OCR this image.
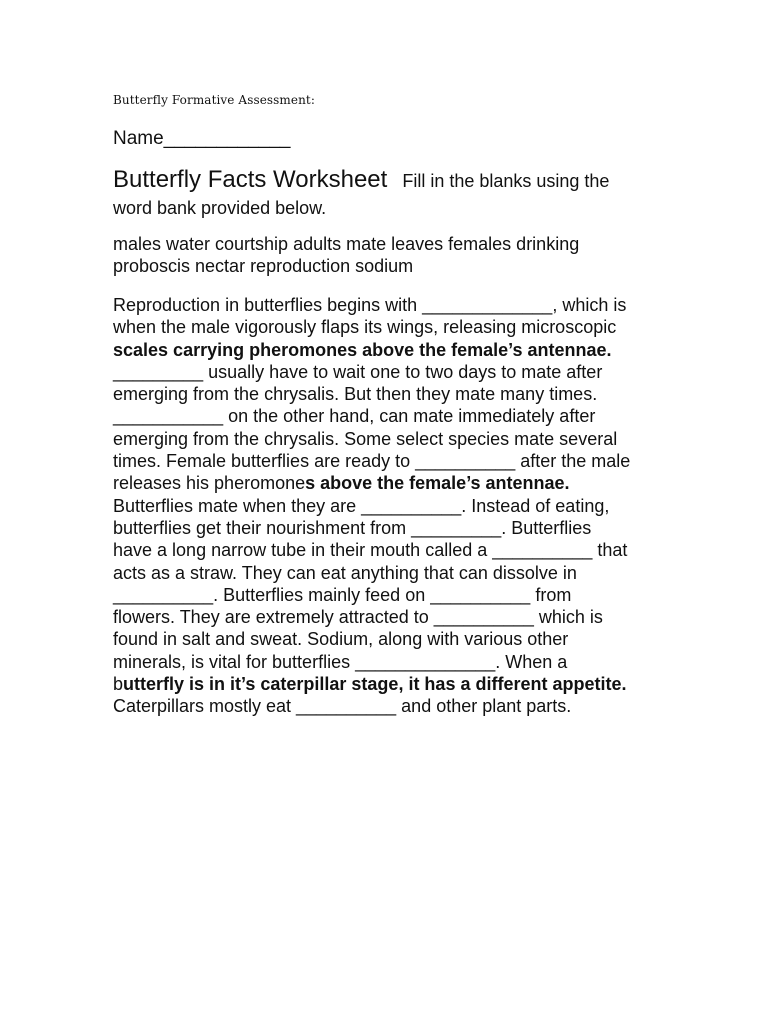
Butterfly Formative Assessment:
Name____________
Butterfly Facts Worksheet Fill in the blanks using the
word bank provided below.
males water courtship adults mate leaves females drinking
proboscis nectar reproduction sodium
Reproduction in butterflies begins with _____________, which is
when the male vigorously flaps its wings, releasing microscopic
scales carrying pheromones above the female’s antennae.
_________ usually have to wait one to two days to mate after
emerging from the chrysalis. But then they mate many times.
___________ on the other hand, can mate immediately after
emerging from the chrysalis. Some select species mate several
times. Female butterflies are ready to __________ after the male
releases his pheromones above the female’s antennae.
Butterflies mate when they are __________. Instead of eating,
butterflies get their nourishment from _________. Butterflies
have a long narrow tube in their mouth called a __________ that
acts as a straw. They can eat anything that can dissolve in
__________. Butterflies mainly feed on __________ from
flowers. They are extremely attracted to __________ which is
found in salt and sweat. Sodium, along with various other
minerals, is vital for butterflies ______________. When a
butterfly is in it’s caterpillar stage, it has a different appetite.
Caterpillars mostly eat __________ and other plant parts.
